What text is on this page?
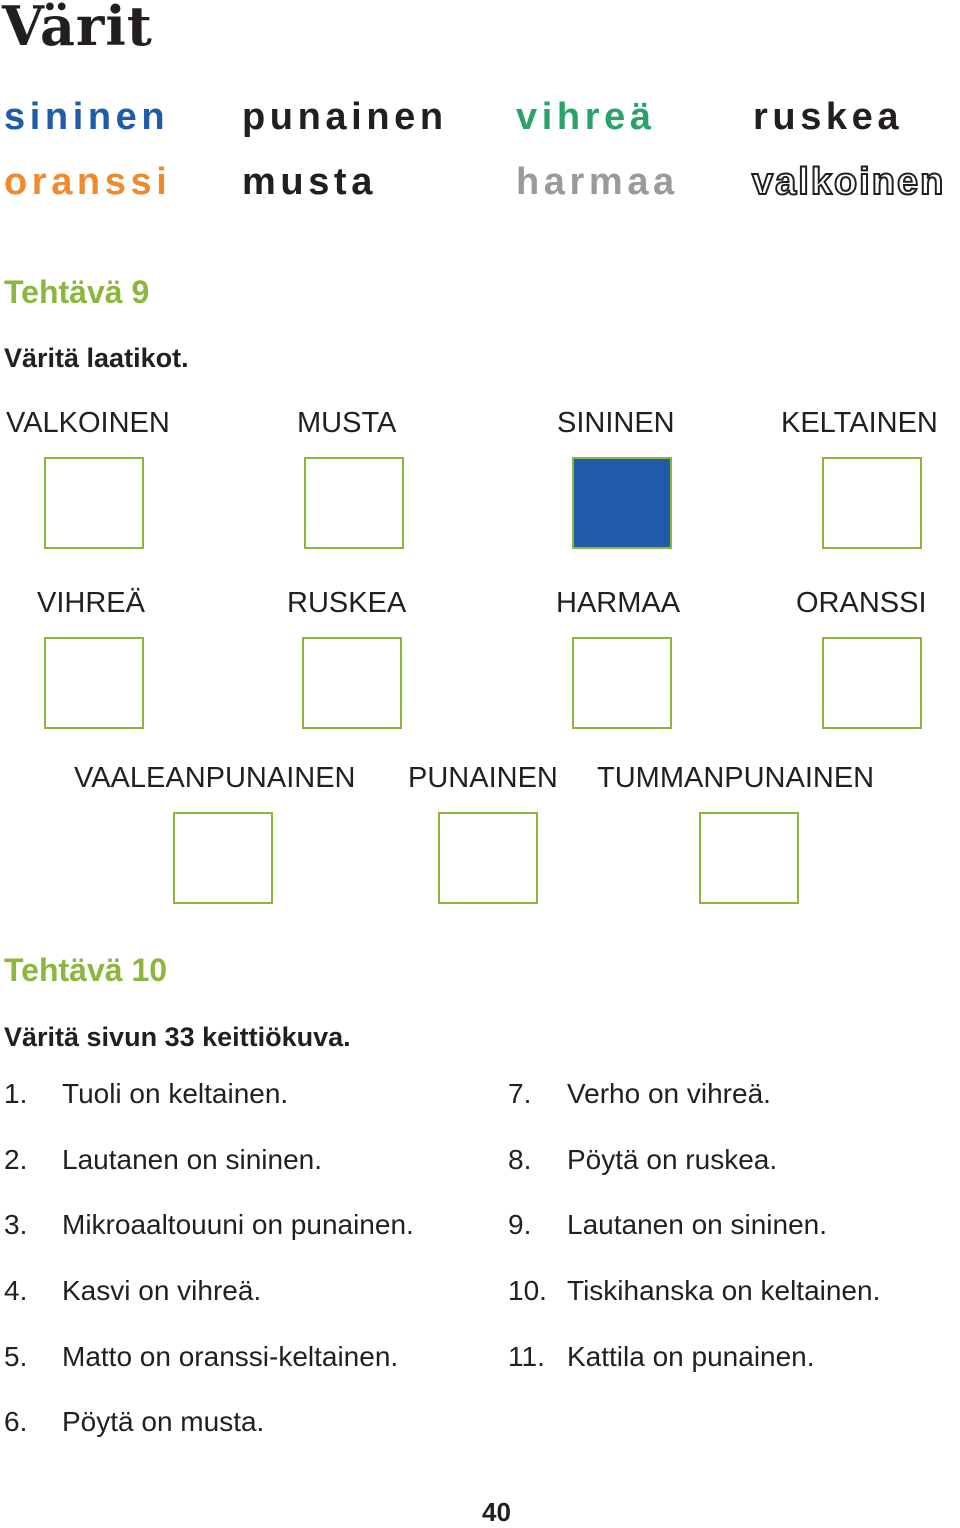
Värit
sininen punainen vihreä	ruskea
oranssi musta	harmaa valkoinen
Tehtävä 9
Väritä laatikot.
VALKOINEN	MUSTA	SININEN	KELTAINEN
VIHREÄ	RUSKEA	HARMAA	ORANSSI
VAALEANPUNAINEN PUNAINEN TUMMANPUNAINEN
Tehtävä 10
Väritä sivun 33 keittiökuva.
1. Tuoli on keltainen.
2. Lautanen on sininen.
3. Mikroaaltouuni on punainen.
4. Kasvi on vihreä.
5. Matto on oranssi-keltainen.
6. Pöytä on musta.
7. Verho on vihreä.
8. Pöytä on ruskea.
9. Lautanen on sininen.
10. Tiskihanska on keltainen.
11. Kattila on punainen.
40
